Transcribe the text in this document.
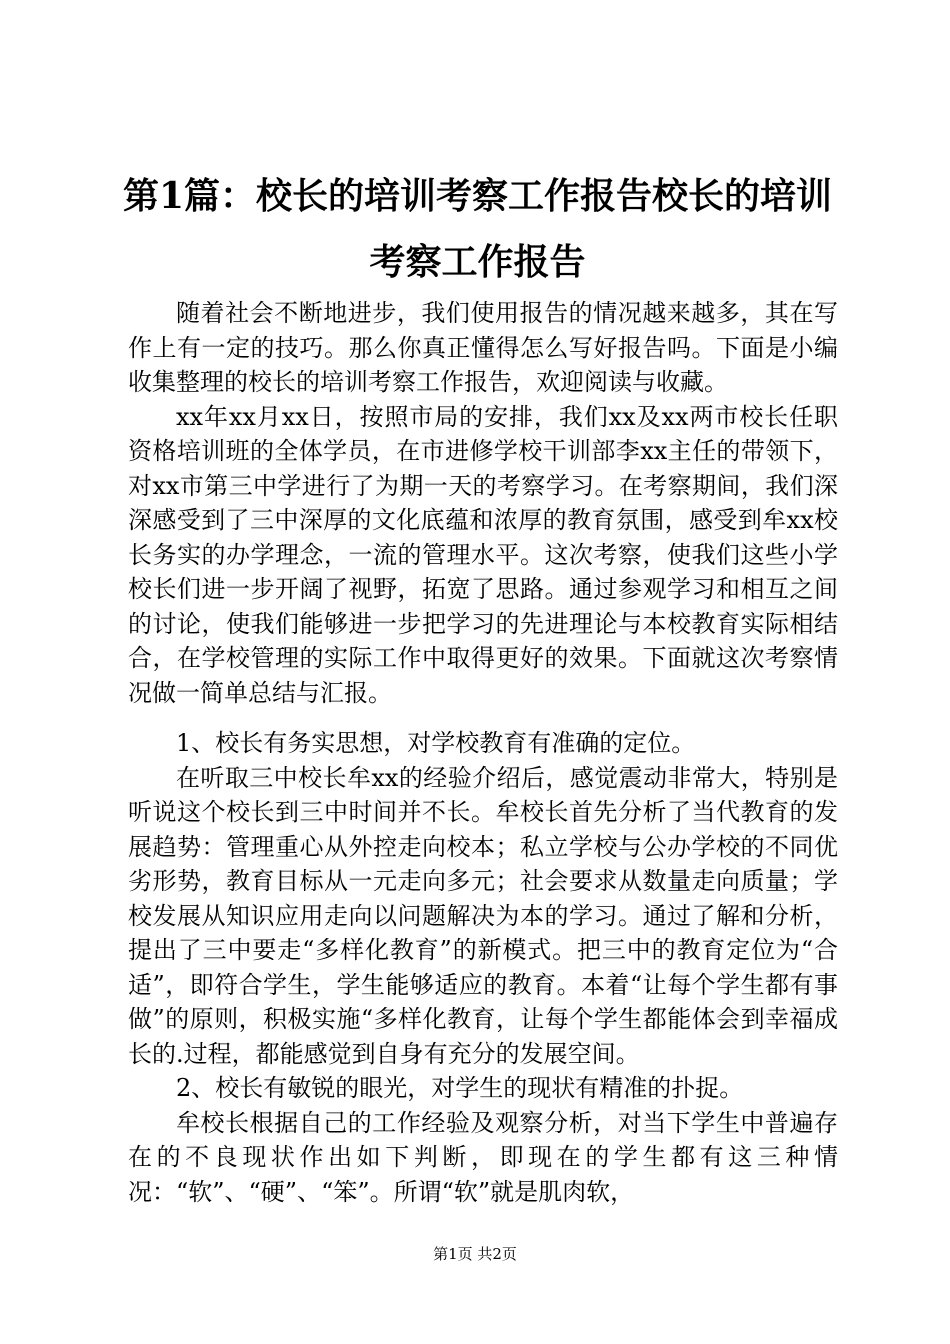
第1篇：校长的培训考察工作报告校长的培训
考察工作报告

随着社会不断地进步，我们使用报告的情况越来越多，其在写作上有一定的技巧。那么你真正懂得怎么写好报告吗。下面是小编收集整理的校长的培训考察工作报告，欢迎阅读与收藏。

xx年xx月xx日，按照市局的安排，我们xx及xx两市校长任职资格培训班的全体学员，在市进修学校干训部李xx主任的带领下，对xx市第三中学进行了为期一天的考察学习。在考察期间，我们深深感受到了三中深厚的文化底蕴和浓厚的教育氛围，感受到牟xx校长务实的办学理念，一流的管理水平。这次考察，使我们这些小学校长们进一步开阔了视野，拓宽了思路。通过参观学习和相互之间的讨论，使我们能够进一步把学习的先进理论与本校教育实际相结合，在学校管理的实际工作中取得更好的效果。下面就这次考察情况做一简单总结与汇报。

1、校长有务实思想，对学校教育有准确的定位。

在听取三中校长牟xx的经验介绍后，感觉震动非常大，特别是听说这个校长到三中时间并不长。牟校长首先分析了当代教育的发展趋势：管理重心从外控走向校本；私立学校与公办学校的不同优劣形势，教育目标从一元走向多元；社会要求从数量走向质量；学校发展从知识应用走向以问题解决为本的学习。通过了解和分析，提出了三中要走“多样化教育”的新模式。把三中的教育定位为“合适”，即符合学生，学生能够适应的教育。本着“让每个学生都有事做”的原则，积极实施“多样化教育，让每个学生都能体会到幸福成长的.过程，都能感觉到自身有充分的发展空间。

2、校长有敏锐的眼光，对学生的现状有精准的扑捉。

牟校长根据自己的工作经验及观察分析，对当下学生中普遍存在的不良现状作出如下判断，即现在的学生都有这三种情况：“软”、“硬”、“笨”。所谓“软”就是肌肉软，

第1页 共2页
